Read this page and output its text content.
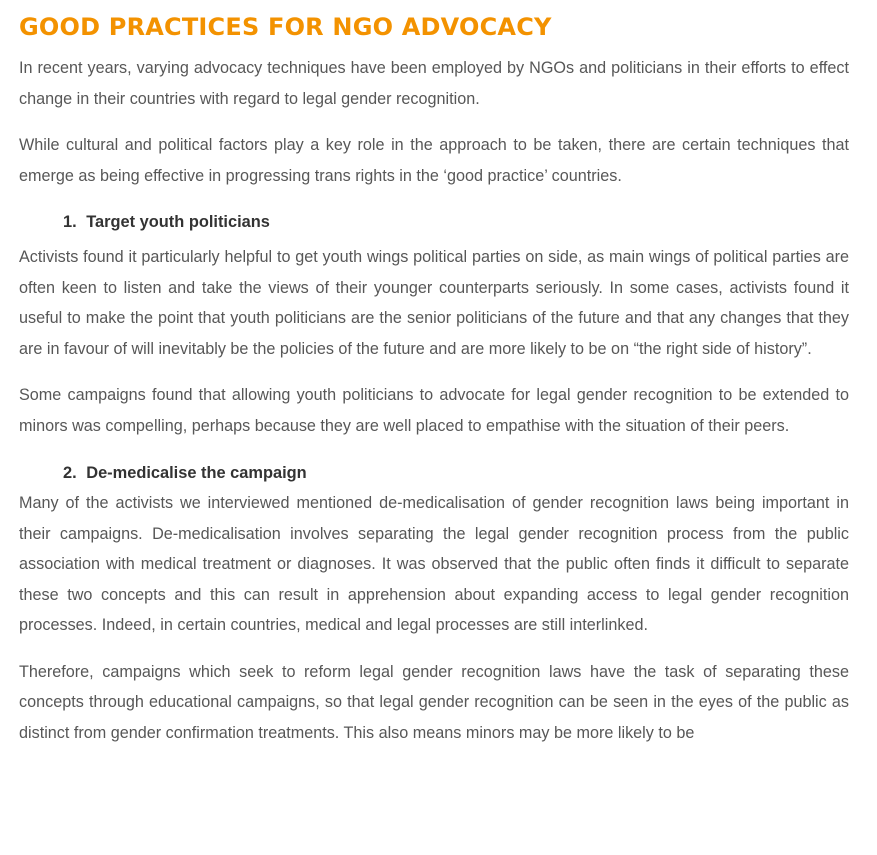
GOOD PRACTICES FOR NGO ADVOCACY

In recent years, varying advocacy techniques have been employed by NGOs and politicians in their efforts to effect change in their countries with regard to legal gender recognition.

While cultural and political factors play a key role in the approach to be taken, there are certain techniques that emerge as being effective in progressing trans rights in the ‘good practice’ countries.

1. Target youth politicians

Activists found it particularly helpful to get youth wings political parties on side, as main wings of political parties are often keen to listen and take the views of their younger counterparts seriously. In some cases, activists found it useful to make the point that youth politicians are the senior politicians of the future and that any changes that they are in favour of will inevitably be the policies of the future and are more likely to be on “the right side of history”.

Some campaigns found that allowing youth politicians to advocate for legal gender recognition to be extended to minors was compelling, perhaps because they are well placed to empathise with the situation of their peers.

2. De-medicalise the campaign

Many of the activists we interviewed mentioned de-medicalisation of gender recognition laws being important in their campaigns. De-medicalisation involves separating the legal gender recognition process from the public association with medical treatment or diagnoses. It was observed that the public often finds it difficult to separate these two concepts and this can result in apprehension about expanding access to legal gender recognition processes. Indeed, in certain countries, medical and legal processes are still interlinked.

Therefore, campaigns which seek to reform legal gender recognition laws have the task of separating these concepts through educational campaigns, so that legal gender recognition can be seen in the eyes of the public as distinct from gender confirmation treatments. This also means minors may be more likely to be
